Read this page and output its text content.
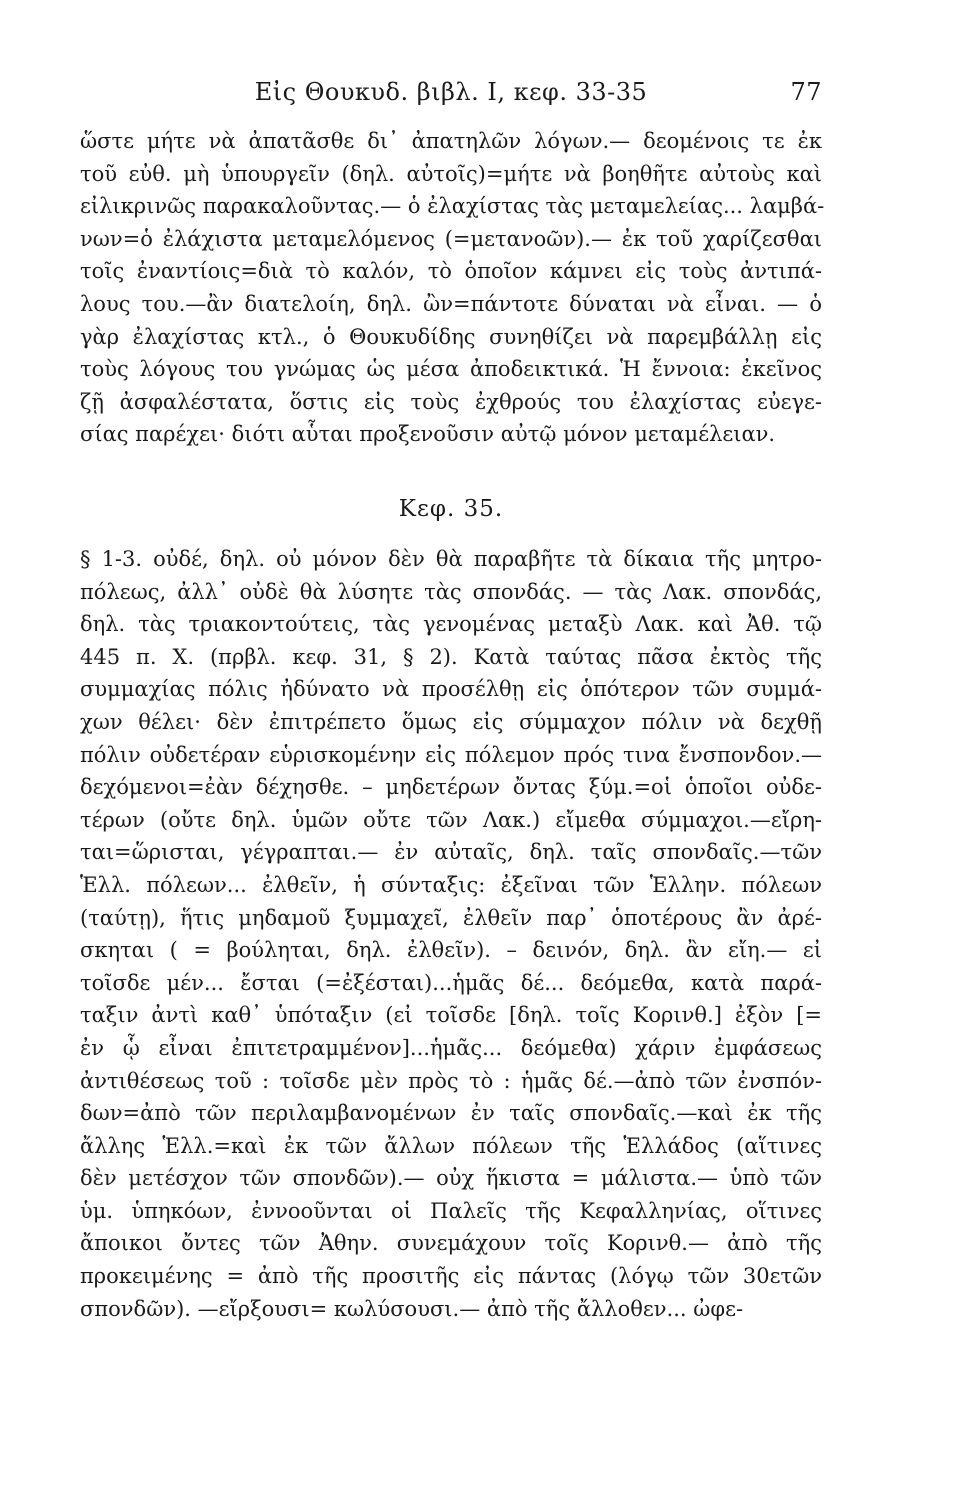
Εἰς Θουκυδ. βιβλ. Ι, κεφ. 33-35	77
ὥστε μήτε νὰ ἀπατᾶσθε δι᾽ ἀπατηλῶν λόγων.— δεομένοις τε ἐκ
τοῦ εὐθ. μὴ ὑπουργεῖν (δηλ. αὐτοῖς)=μήτε νὰ βοηθῆτε αὐτοὺς καὶ
εἰλικρινῶς παρακαλοῦντας.— ὁ ἐλαχίστας τὰς μεταμελείας... λαμβά-
νων=ὁ ἐλάχιστα μεταμελόμενος (=μετανοῶν).— ἐκ τοῦ χαρίζεσθαι
τοῖς ἐναντίοις=διὰ τὸ καλόν, τὸ ὁποῖον κάμνει εἰς τοὺς ἀντιπά-
λους του.—ἂν διατελοίη, δηλ. ὢν=πάντοτε δύναται νὰ εἶναι. — ὁ
γὰρ ἐλαχίστας κτλ., ὁ Θουκυδίδης συνηθίζει νὰ παρεμβάλλῃ εἰς
τοὺς λόγους του γνώμας ὡς μέσα ἀποδεικτικά. Ἡ ἔννοια: ἐκεῖνος
ζῇ ἀσφαλέστατα, ὅστις εἰς τοὺς ἐχθρούς του ἐλαχίστας εὐεγε-
σίας παρέχει· διότι αὗται προξενοῦσιν αὐτῷ μόνον μεταμέλειαν.
Κεφ. 35.
§ 1-3. οὐδέ, δηλ. οὐ μόνον δὲν θὰ παραβῆτε τὰ δίκαια τῆς μητρο-
πόλεως, ἀλλ᾽ οὐδὲ θὰ λύσητε τὰς σπονδάς. — τὰς Λακ. σπονδάς,
δηλ. τὰς τριακοντούτεις, τὰς γενομένας μεταξὺ Λακ. καὶ Ἀθ. τῷ
445 π. Χ. (πρβλ. κεφ. 31, § 2). Κατὰ ταύτας πᾶσα ἐκτὸς τῆς
συμμαχίας πόλις ἠδύνατο νὰ προσέλθῃ εἰς ὁπότερον τῶν συμμά-
χων θέλει· δὲν ἐπιτρέπετο ὅμως εἰς σύμμαχον πόλιν νὰ δεχθῇ
πόλιν οὐδετέραν εὑρισκομένην εἰς πόλεμον πρός τινα ἔνσπονδον.—
δεχόμενοι=ἐὰν δέχησθε. – μηδετέρων ὄντας ξύμ.=οἱ ὁποῖοι οὐδε-
τέρων (οὔτε δηλ. ὑμῶν οὔτε τῶν Λακ.) εἴμεθα σύμμαχοι.—εἴρη-
ται=ὥρισται, γέγραπται.— ἐν αὐταῖς, δηλ. ταῖς σπονδαῖς.—τῶν
Ἑλλ. πόλεων... ἐλθεῖν, ἡ σύνταξις: ἐξεῖναι τῶν Ἑλλην. πόλεων
(ταύτῃ), ἥτις μηδαμοῦ ξυμμαχεῖ, ἐλθεῖν παρ᾽ ὁποτέρους ἂν ἀρέ-
σκηται ( = βούληται, δηλ. ἐλθεῖν). – δεινόν, δηλ. ἂν εἴη.— εἰ
τοῖσδε μέν... ἔσται (=ἐξέσται)...ἡμᾶς δέ... δεόμεθα, κατὰ παρά-
ταξιν ἀντὶ καθ᾽ ὑπόταξιν (εἰ τοῖσδε [δηλ. τοῖς Κορινθ.] ἐξὸν [=
ἐν ᾧ εἶναι ἐπιτετραμμένον]...ἡμᾶς... δεόμεθα) χάριν ἐμφάσεως
ἀντιθέσεως τοῦ : τοῖσδε μὲν πρὸς τὸ : ἡμᾶς δέ.—ἀπὸ τῶν ἐνσπόν-
δων=ἀπὸ τῶν περιλαμβανομένων ἐν ταῖς σπονδαῖς.—καὶ ἐκ τῆς
ἄλλης Ἑλλ.=καὶ ἐκ τῶν ἄλλων πόλεων τῆς Ἑλλάδος (αἵτινες
δὲν μετέσχον τῶν σπονδῶν).— οὐχ ἥκιστα = μάλιστα.— ὑπὸ τῶν
ὑμ. ὑπηκόων, ἐννοοῦνται οἱ Παλεῖς τῆς Κεφαλληνίας, οἵτινες
ἄποικοι ὄντες τῶν Ἀθην. συνεμάχουν τοῖς Κορινθ.— ἀπὸ τῆς
προκειμένης = ἀπὸ τῆς προσιτῆς εἰς πάντας (λόγῳ τῶν 30ετῶν
σπονδῶν). —εἴρξουσι= κωλύσουσι.— ἀπὸ τῆς ἄλλοθεν... ὠφε-
